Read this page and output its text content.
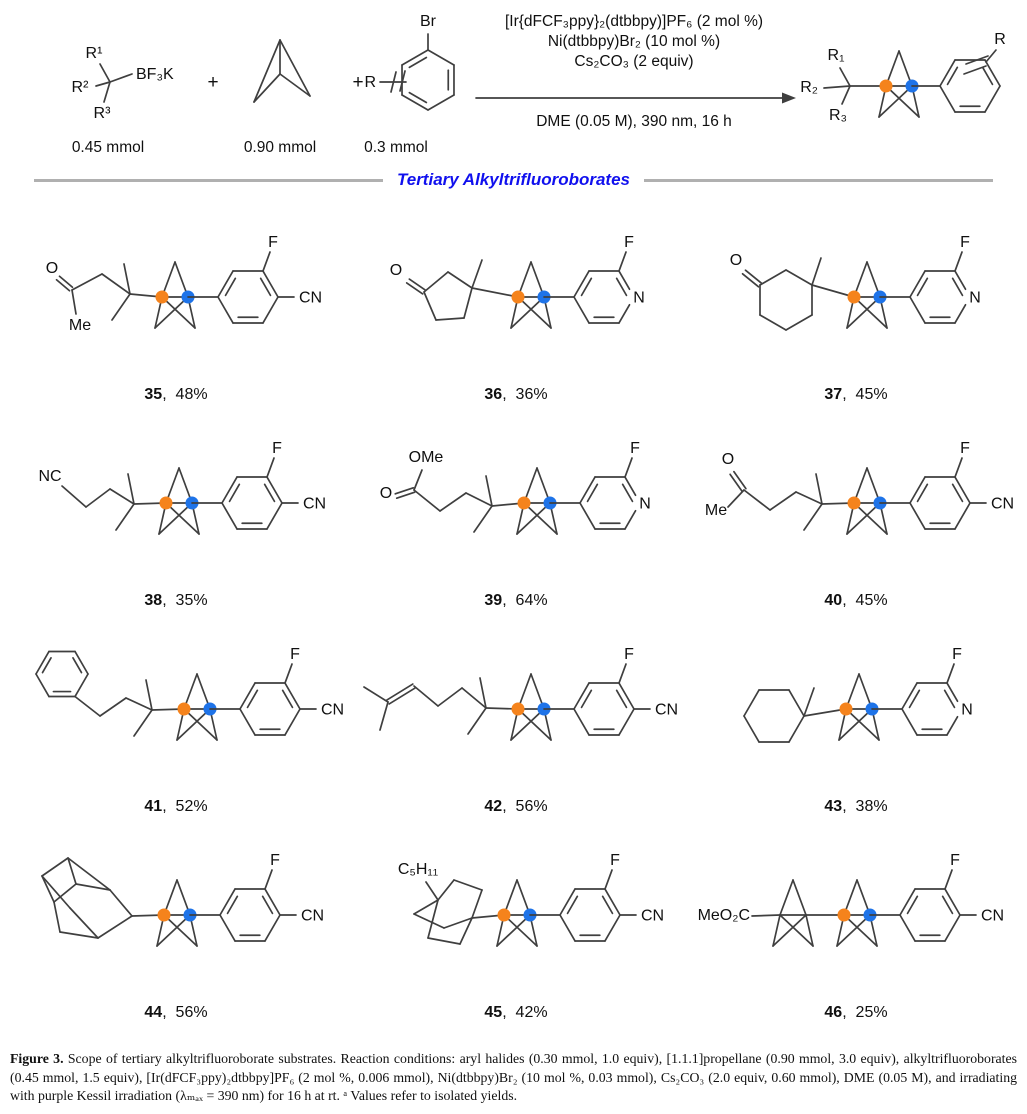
R¹
R²
R³
BF₃K +	+
Br
R
0.45 mmol	0.90 mmol	0.3 mmol
[Ir{dFCF₃ppy}₂(dtbbpy)]PF₆ (2 mol %)
Ni(dtbbpy)Br₂ (10 mol %)
Cs₂CO₃ (2 equiv)
DME (0.05 M), 390 nm, 16 h
R₁
R₂
R₃
R
Tertiary Alkyltrifluoroborates
O
Me
F
CN
35,  48%
O
F
N
36,  36%
O
F
N
37,  45%
NC
F
CN
38,  35%
OMe
O
F
N
39,  64%
Me
O
F
CN
40,  45%
F
CN
41,  52%
F
CN
42,  56%
F
N
43,  38%
F
CN
44,  56%
C₅H₁₁
F
CN
45,  42%
MeO₂C
F
CN
46,  25%

Figure 3. Scope of tertiary alkyltrifluoroborate substrates. Reaction conditions: aryl halides (0.30 mmol, 1.0 equiv), [1.1.1]propellane (0.90 mmol, 3.0 equiv), alkyltrifluoroborates (0.45 mmol, 1.5 equiv), [Ir(dFCF₃ppy)₂dtbbpy]PF₆ (2 mol %, 0.006 mmol), Ni(dtbbpy)Br₂ (10 mol %, 0.03 mmol), Cs₂CO₃ (2.0 equiv, 0.60 mmol), DME (0.05 M), and irradiating with purple Kessil irradiation (λₘₐₓ = 390 nm) for 16 h at rt. ᵃ Values refer to isolated yields.
